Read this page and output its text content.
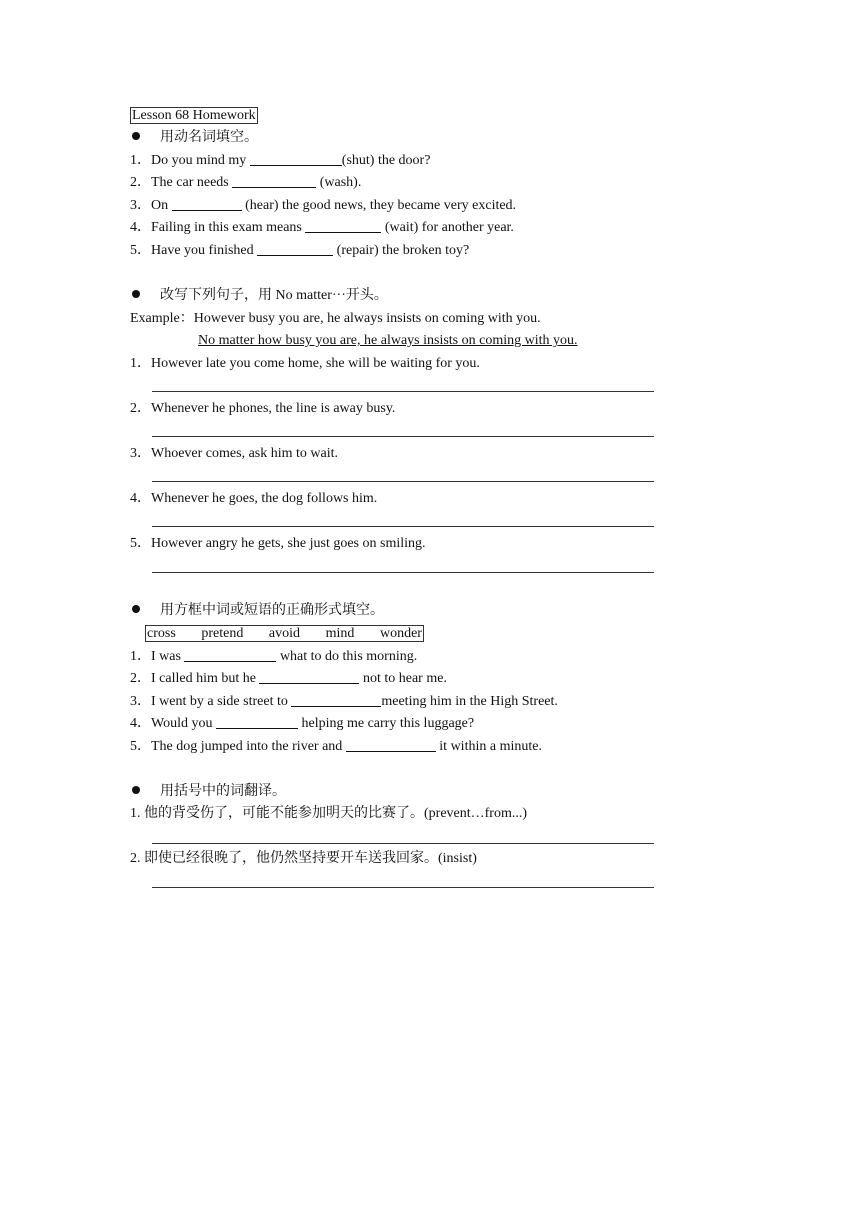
Lesson 68 Homework
用动名词填空。
1．Do you mind my	(shut) the door?
2．The car needs	(wash).
3．On	(hear) the good news, they became very excited.
4．Failing in this exam means	(wait) for another year.
5．Have you finished	(repair) the broken toy?
改写下列句子，用 No matter···开头。
Example：However busy you are, he always insists on coming with you.
No matter how busy you are, he always insists on coming with you.
1．However late you come home, she will be waiting for you.
2．Whenever he phones, the line is away busy.
3．Whoever comes, ask him to wait.
4．Whenever he goes, the dog follows him.
5．However angry he gets, she just goes on smiling.
用方框中词或短语的正确形式填空。
cross pretend avoid mind wonder
1．I was	what to do this morning.
2．I called him but he	not to hear me.
3．I went by a side street to	meeting him in the High Street.
4．Would you	helping me carry this luggage?
5．The dog jumped into the river and	it within a minute.
用括号中的词翻译。
1. 他的背受伤了，可能不能参加明天的比赛了。(prevent…from...)
2. 即使已经很晚了，他仍然坚持要开车送我回家。(insist)
